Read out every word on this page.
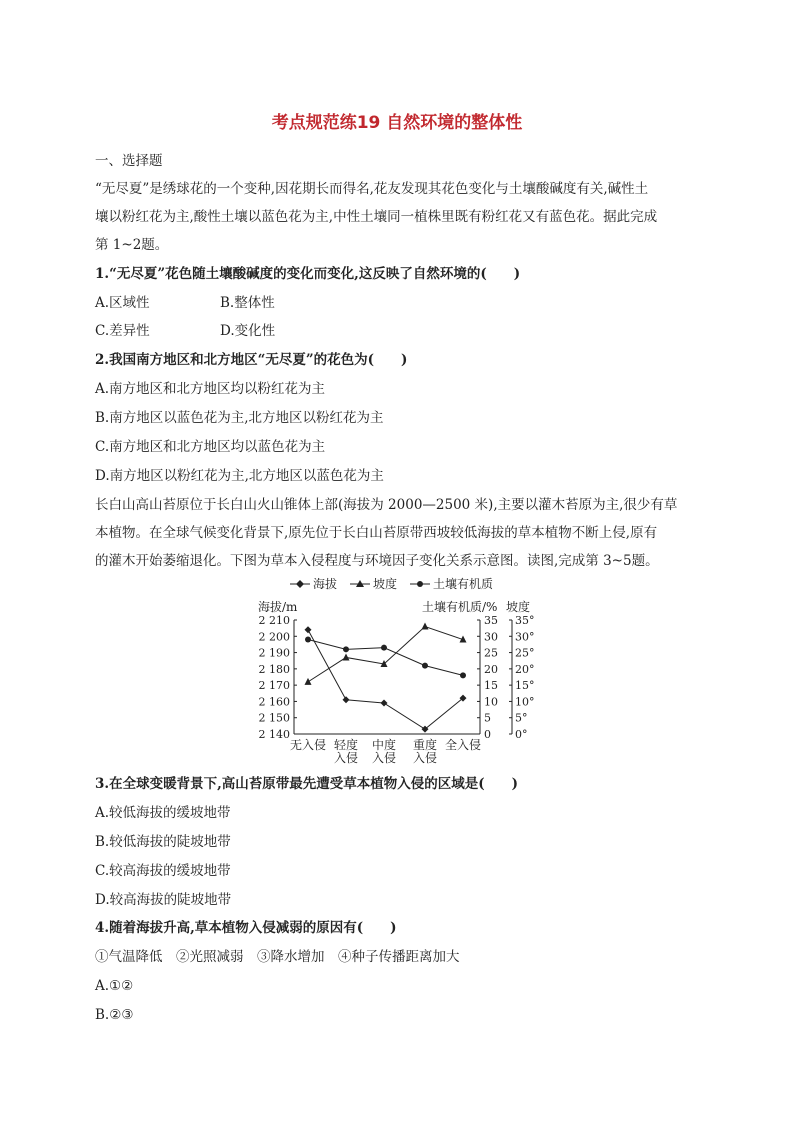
考点规范练19 自然环境的整体性
一、选择题
“无尽夏”是绣球花的一个变种,因花期长而得名,花友发现其花色变化与土壤酸碱度有关,碱性土
壤以粉红花为主,酸性土壤以蓝色花为主,中性土壤同一植株里既有粉红花又有蓝色花。据此完成
第 1~2题。
1.“无尽夏”花色随土壤酸碱度的变化而变化,这反映了自然环境的(　　)
A.区域性	B.整体性
C.差异性	D.变化性
2.我国南方地区和北方地区“无尽夏”的花色为(　　)
A.南方地区和北方地区均以粉红花为主
B.南方地区以蓝色花为主,北方地区以粉红花为主
C.南方地区和北方地区均以蓝色花为主
D.南方地区以粉红花为主,北方地区以蓝色花为主
长白山高山苔原位于长白山火山锥体上部(海拔为 2000—2500 米),主要以灌木苔原为主,很少有草
本植物。在全球气候变化背景下,原先位于长白山苔原带西坡较低海拔的草本植物不断上侵,原有
的灌木开始萎缩退化。下图为草本入侵程度与环境因子变化关系示意图。读图,完成第 3~5题。
海拔	坡度	土壤有机质
海拔/m	土壤有机质/% 坡度
2 210	35 35°
2 200	30 30°
2 190	25 25°
2 180	20 20°
2 170	15 15°
2 160	10 10°
2 150	5 5°
2 140	0 0°
无入侵 轻度
入侵
中度
入侵
重度
入侵
全入侵
3.在全球变暖背景下,高山苔原带最先遭受草本植物入侵的区域是(　　)
A.较低海拔的缓坡地带
B.较低海拔的陡坡地带
C.较高海拔的缓坡地带
D.较高海拔的陡坡地带
4.随着海拔升高,草本植物入侵减弱的原因有(　　)
①气温降低　②光照减弱　③降水增加　④种子传播距离加大
A.①②
B.②③
